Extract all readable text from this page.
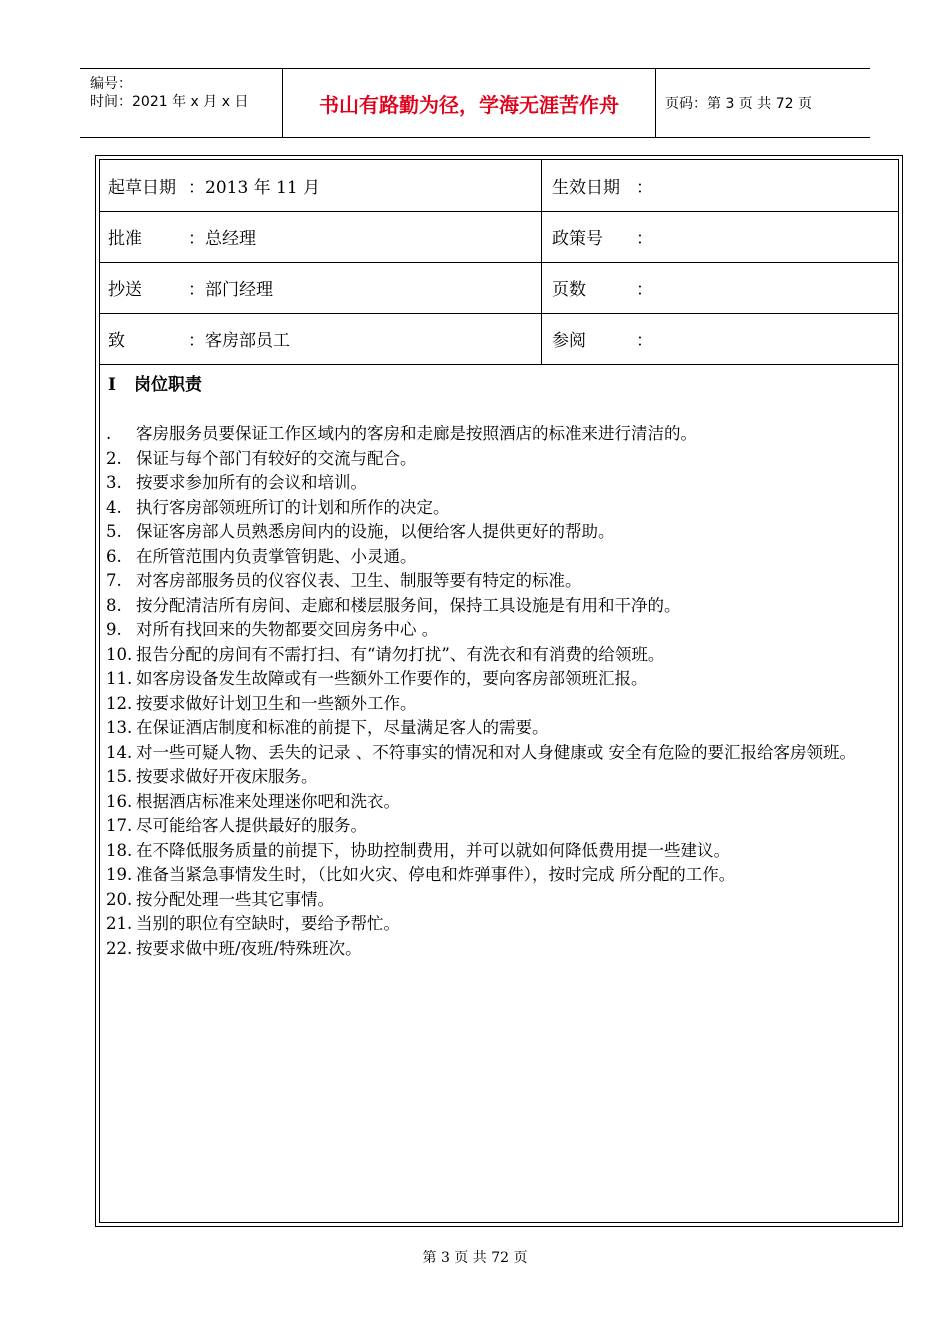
编号：
时间：2021 年 x 月 x 日	书山有路勤为径，学海无涯苦作舟	页码：第 3 页 共 72 页
起草日期 ：2013 年 11 月	生效日期 ：
批准	：总经理	政策号 ：
抄送	：部门经理	页数	：
致	：客房部员工	参阅	：
I 岗位职责
. 客房服务员要保证工作区域内的客房和走廊是按照酒店的标准来进行清洁的。
2. 保证与每个部门有较好的交流与配合。
3. 按要求参加所有的会议和培训。
4. 执行客房部领班所订的计划和所作的决定。
5. 保证客房部人员熟悉房间内的设施，以便给客人提供更好的帮助。
6. 在所管范围内负责掌管钥匙、小灵通。
7. 对客房部服务员的仪容仪表、卫生、制服等要有特定的标准。
8. 按分配清洁所有房间、走廊和楼层服务间，保持工具设施是有用和干净的。
9. 对所有找回来的失物都要交回房务中心 。
10. 报告分配的房间有不需打扫、有“请勿打扰”、有洗衣和有消费的给领班。
11. 如客房设备发生故障或有一些额外工作要作的，要向客房部领班汇报。
12. 按要求做好计划卫生和一些额外工作。
13. 在保证酒店制度和标准的前提下，尽量满足客人的需要。
14. 对一些可疑人物、丢失的记录 、不符事实的情况和对人身健康或 安全有危险的要汇报给客房领班。
15. 按要求做好开夜床服务。
16. 根据酒店标准来处理迷你吧和洗衣。
17. 尽可能给客人提供最好的服务。
18. 在不降低服务质量的前提下，协助控制费用，并可以就如何降低费用提一些建议。
19. 准备当紧急事情发生时，（比如火灾、停电和炸弹事件），按时完成 所分配的工作。
20. 按分配处理一些其它事情。
21. 当别的职位有空缺时，要给予帮忙。
22. 按要求做中班/夜班/特殊班次。
第 3 页 共 72 页
